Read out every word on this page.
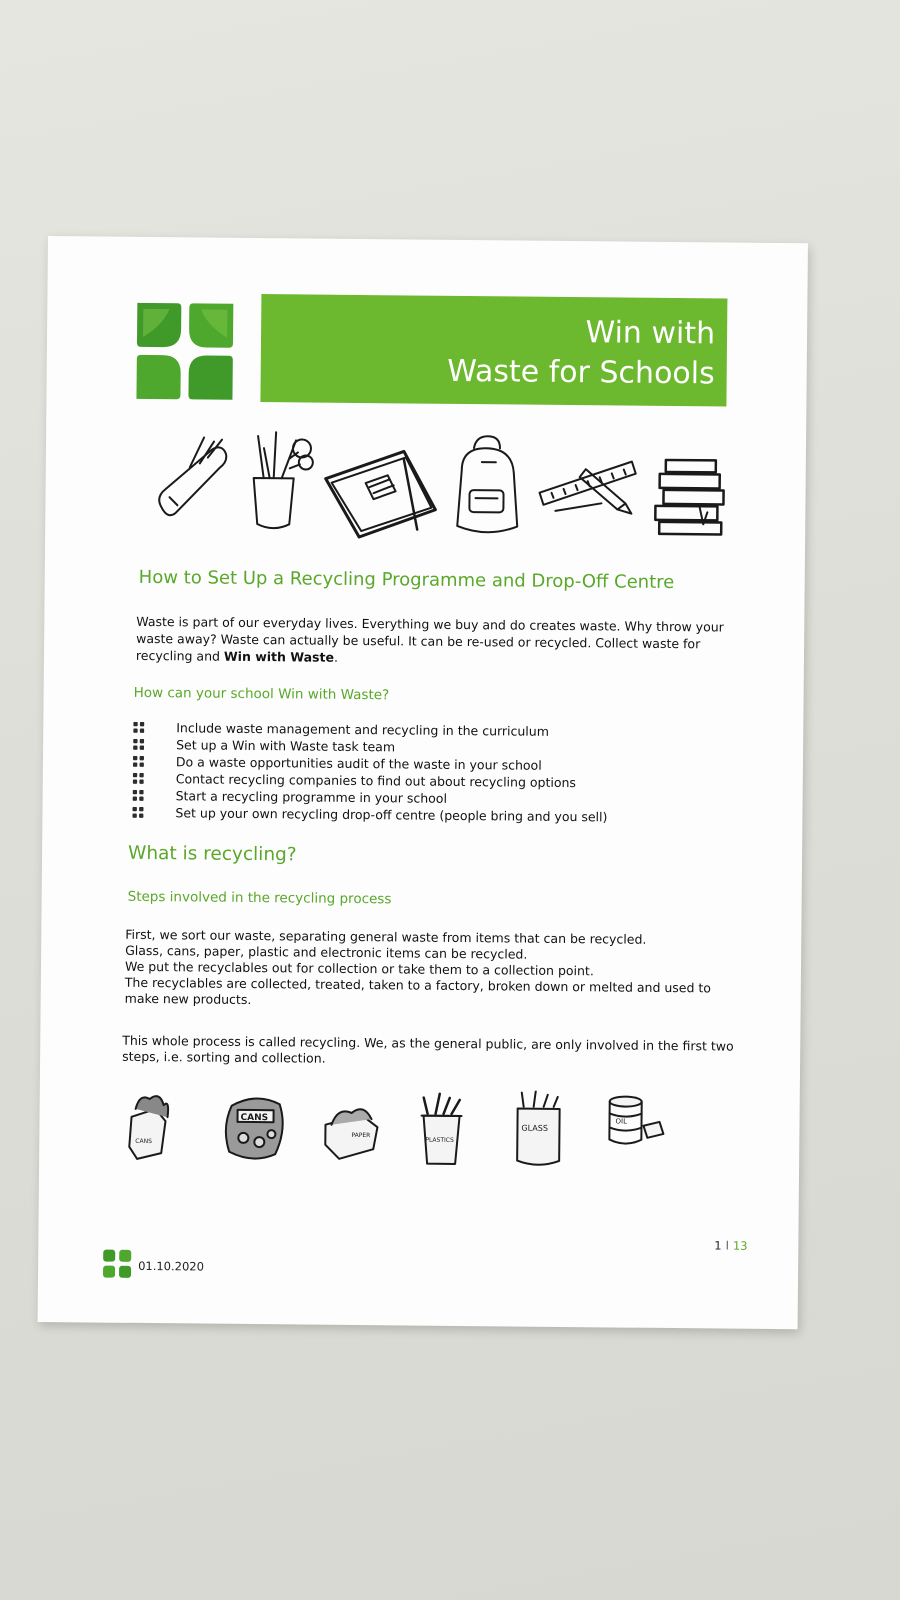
Win with
Waste for Schools
How to Set Up a Recycling Programme and Drop-Off Centre

Waste is part of our everyday lives. Everything we buy and do creates waste. Why throw your waste away? Waste can actually be useful. It can be re-used or recycled. Collect waste for recycling and Win with Waste.

How can your school Win with Waste?
Include waste management and recycling in the curriculum
Set up a Win with Waste task team
Do a waste opportunities audit of the waste in your school
Contact recycling companies to find out about recycling options
Start a recycling programme in your school
Set up your own recycling drop-off centre (people bring and you sell)
What is recycling?
Steps involved in the recycling process
First, we sort our waste, separating general waste from items that can be recycled.
Glass, cans, paper, plastic and electronic items can be recycled.
We put the recyclables out for collection or take them to a collection point.
The recyclables are collected, treated, taken to a factory, broken down or melted and used to make new products.

This whole process is called recycling. We, as the general public, are only involved in the first two steps, i.e. sorting and collection.

CANS
CANS
PAPER
PLASTICS
GLASS
OIL
01.10.2020
1 l 13
